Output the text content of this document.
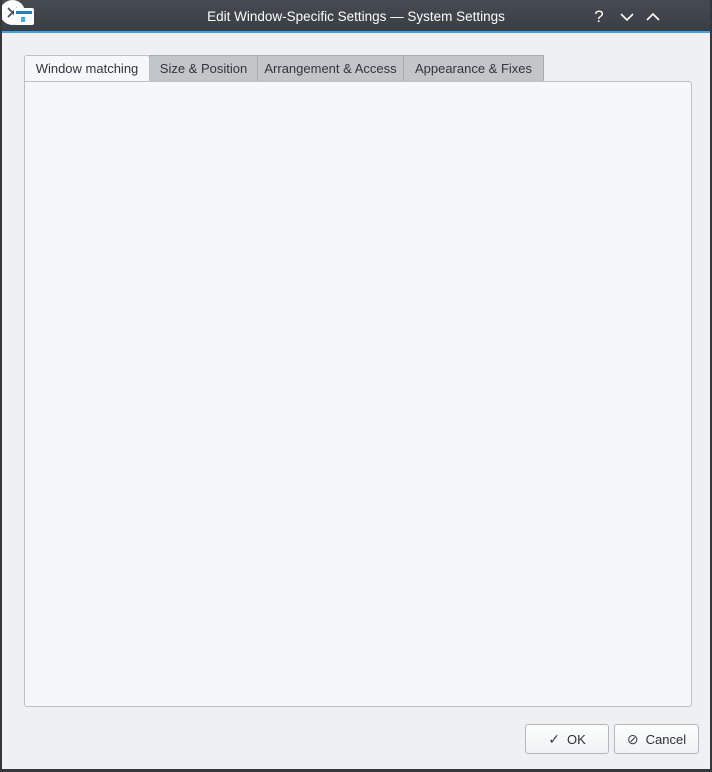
Edit Window-Specific Settings — System Settings	?
Window matching Size & Position Arrangement & Access Appearance & Fixes
✓ OK	⊘ Cancel
